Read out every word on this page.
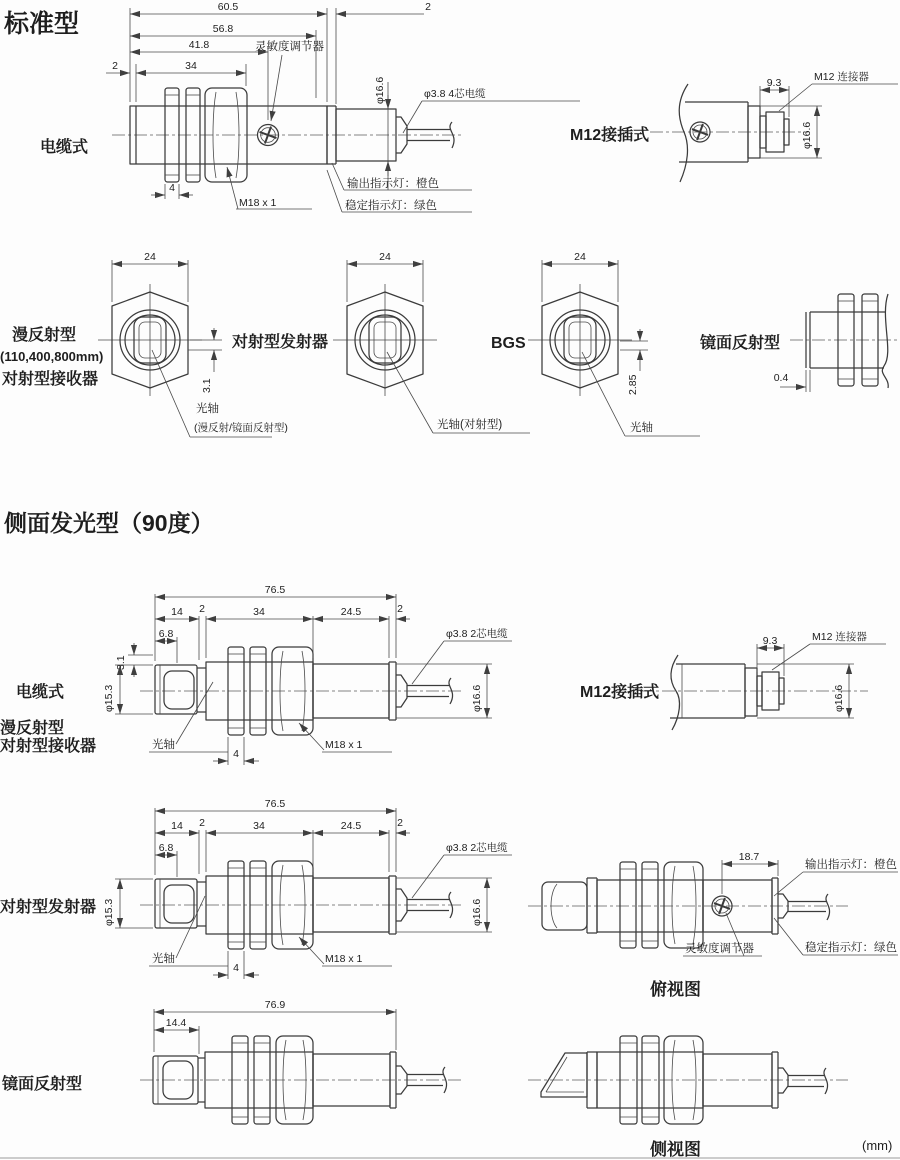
标准型
侧面发光型（90度）
电缆式
60.5	2
56.8
41.8
34
2
4
φ16.6
灵敏度调节器
φ3.8 4芯电缆
输出指示灯：橙色
稳定指示灯：绿色
M18 x 1
M12接插式
9.3	M12 连接器
φ16.6
24
3.1
光轴
(漫反射/镜面反射型)
漫反射型
(110,400,800mm)
对射型接收器
24
光轴(对射型)
对射型发射器
24
2.85
光轴
BGS
0.4
镜面反射型
电缆式
漫反射型
对射型接收器
76.5
14 2	34	24.5	2
6.8
3.1
φ15.3	φ16.6
φ3.8 2芯电缆
光轴	M18 x 1
4
M12接插式
9.3	M12 连接器
φ16.6
对射型发射器
76.5
14 2	34	24.5	2
6.8
φ15.3	φ16.6
φ3.8 2芯电缆
光轴	M18 x 1
4
18.7
输出指示灯：橙色
稳定指示灯：绿色
灵敏度调节器
俯视图
镜面反射型
76.9
14.4
侧视图	(mm)
